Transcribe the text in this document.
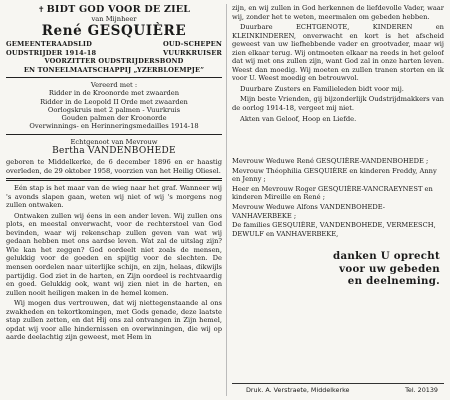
✝ BIDT GOD VOOR DE ZIEL
van Mijnheer
René GESQUIÈRE
GEMEENTERAADSLID	OUD-SCHEPEN
OUDSTRIJDER 1914-18	VUURKRUISER
VOORZITTER OUDSTRIJDERSBOND
EN TONEELMAATSCHAPPIJ „YZERBLOEMPJE”
Vereerd met :
Ridder in de Kroonorde met zwaarden
Ridder in de Leopold II Orde met zwaarden
Oorlogskruis met 2 palmen - Vuurkruis
Gouden palmen der Kroonorde
Overwinnings- en Herinneringsmedailles 1914-18
Echtgenoot van Mevrouw
Bertha VANDENBOHEDE
geboren te Middelkerke, de 6 december 1896 en er haastig overleden, de 29 oktober 1958, voorzien van het Heilig Oliesel.

Eén stap is het maar van de wieg naar het graf. Wanneer wij 's avonds slapen gaan, weten wij niet of wij 's morgens nog zullen ontwaken.

Ontwaken zullen wij éens in een ander leven. Wij zullen ons plots, en meestal onverwacht, voor de rechterstoel van God bevinden, waar wij rekenschap zullen geven van wat wij gedaan hebben met ons aardse leven. Wat zal de uitslag zijn? Wie kan het zeggen? God oordeelt niet zoals de mensen, gelukkig voor de goeden en spijtig voor de slechten. De mensen oordelen naar uiterlijke schijn, en zijn, helaas, dikwijls partijdig. God ziet in de harten, en Zijn oordeel is rechtvaardig en goed. Gelukkig ook, want wij zien niet in de harten, en zullen nooit heiligen maken in de hemel komen.

Wij mogen dus vertrouwen, dat wij niettegenstaande al ons zwakheden en tekortkomingen, met Gods genade, deze laatste stap zullen zetten, en dat Hij ons zal ontvangen in Zijn hemel, opdat wij voor alle hindernissen en overwinningen, die wij op aarde deelachtig zijn geweest, met Hem in

zijn, en wij zullen in God herkennen de liefdevolle Vader, waar wij, zonder het te weten, meermalen om gebeden hebben.

Duurbare ECHTGENOTE, KINDEREN en KLEINKINDEREN, onverwacht en kort is het afscheid geweest van uw liefhebbende vader en grootvader, maar wij zien elkaar terug. Wij ontmoeten elkaar na reeds in het geloof dat wij met ons zullen zijn, want God zal in onze harten leven. Weest dan moedig. Wij moeten en zullen tranen storten en ik voor U. Weest moedig en betrouwvol.

Duurbare Zusters en Familieleden bidt voor mij.

Mijn beste Vrienden, gij bijzonderlijk Oudstrijdmakkers van de oorlog 1914-18, vergeet mij niet.

Akten van Geloof, Hoop en Liefde.

Mevrouw Weduwe René GESQUIÈRE-VANDENBOHEDE ;

Mevrouw Théophilia GESQUIÈRE en kinderen Freddy, Anny en Jenny ;

Heer en Mevrouw Roger GESQUIÈRE-VANCRAEYNEST en kinderen Mireille en René ;

Mevrouw Weduwe Alfons VANDENBOHEDE-VANHAVERBEKE ;

De families GESQUIÈRE, VANDENBOHEDE, VERMEESCH, DEWULF en VANHAVERBEKE,

danken U oprecht
voor uw gebeden
en deelneming.
Druk. A. Verstraete, Middelkerke	Tel. 20139
